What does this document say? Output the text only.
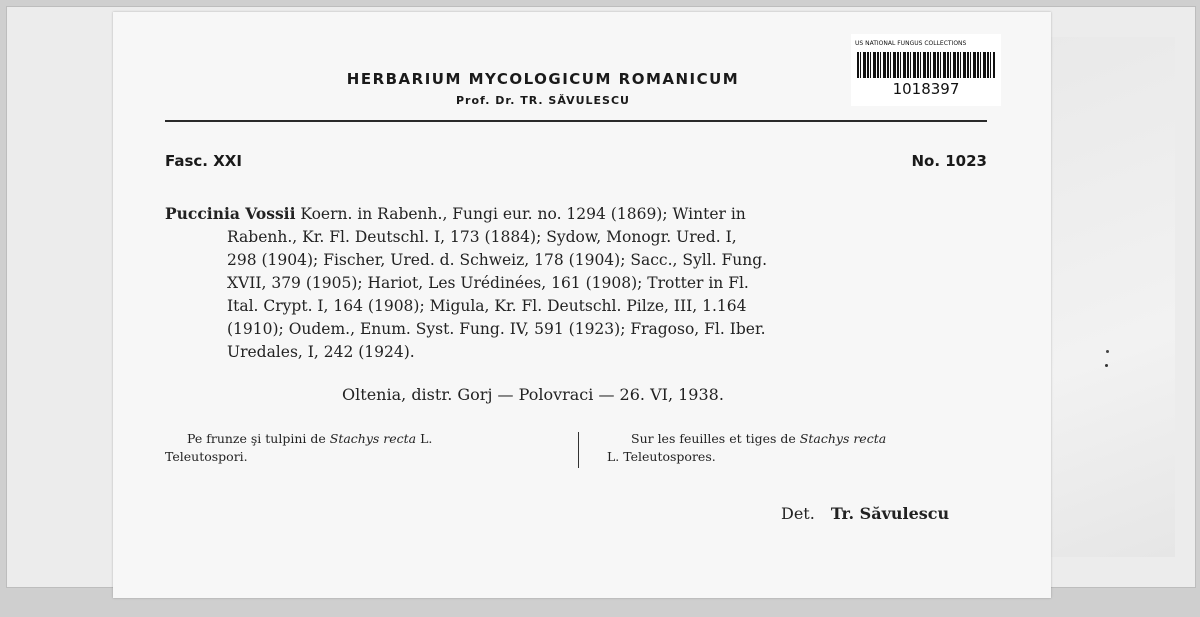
US NATIONAL FUNGUS COLLECTIONS
1018397
HERBARIUM MYCOLOGICUM ROMANICUM
Prof. Dr. TR. SĂVULESCU
Fasc. XXI	No. 1023
Puccinia Vossii Koern. in Rabenh., Fungi eur. no. 1294 (1869); Winter in
Rabenh., Kr. Fl. Deutschl. I, 173 (1884); Sydow, Monogr. Ured. I,
298 (1904); Fischer, Ured. d. Schweiz, 178 (1904); Sacc., Syll. Fung.
XVII, 379 (1905); Hariot, Les Urédinées, 161 (1908); Trotter in Fl.
Ital. Crypt. I, 164 (1908); Migula, Kr. Fl. Deutschl. Pilze, III, 1.164
(1910); Oudem., Enum. Syst. Fung. IV, 591 (1923); Fragoso, Fl. Iber.
Uredales, I, 242 (1924).
Oltenia, distr. Gorj — Polovraci — 26. VI, 1938.
Pe frunze şi tulpini de Stachys recta L.
Teleutospori.
Sur les feuilles et tiges de Stachys recta
L. Teleutospores.
Det. Tr. Săvulescu
